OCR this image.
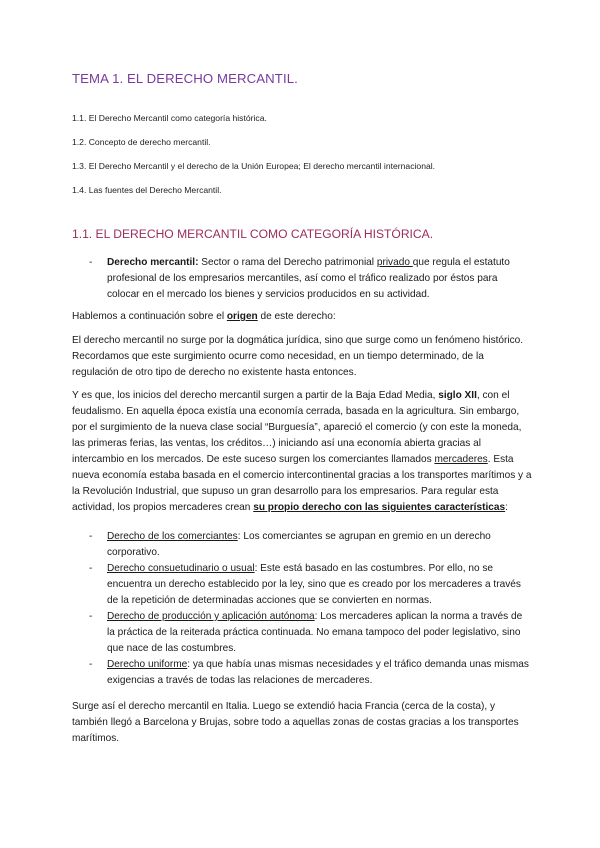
TEMA 1. EL DERECHO MERCANTIL.

1.1. El Derecho Mercantil como categoría histórica.

1.2. Concepto de derecho mercantil.

1.3. El Derecho Mercantil y el derecho de la Unión Europea; El derecho mercantil internacional.

1.4. Las fuentes del Derecho Mercantil.

1.1. EL DERECHO MERCANTIL COMO CATEGORÍA HISTÓRICA.
- Derecho mercantil: Sector o rama del Derecho patrimonial privado que regula el estatuto profesional de los empresarios mercantiles, así como el tráfico realizado por éstos para colocar en el mercado los bienes y servicios producidos en su actividad.

Hablemos a continuación sobre el origen de este derecho:

El derecho mercantil no surge por la dogmática jurídica, sino que surge como un fenómeno histórico. Recordamos que este surgimiento ocurre como necesidad, en un tiempo determinado, de la regulación de otro tipo de derecho no existente hasta entonces.

Y es que, los inicios del derecho mercantil surgen a partir de la Baja Edad Media, siglo XII, con el feudalismo. En aquella época existía una economía cerrada, basada en la agricultura. Sin embargo, por el surgimiento de la nueva clase social “Burguesía”, apareció el comercio (y con este la moneda, las primeras ferias, las ventas, los créditos…) iniciando así una economía abierta gracias al intercambio en los mercados. De este suceso surgen los comerciantes llamados mercaderes. Esta nueva economía estaba basada en el comercio intercontinental gracias a los transportes marítimos y a la Revolución Industrial, que supuso un gran desarrollo para los empresarios. Para regular esta actividad, los propios mercaderes crean su propio derecho con las siguientes características:

- Derecho de los comerciantes: Los comerciantes se agrupan en gremio en un derecho corporativo.
- Derecho consuetudinario o usual: Este está basado en las costumbres. Por ello, no se encuentra un derecho establecido por la ley, sino que es creado por los mercaderes a través de la repetición de determinadas acciones que se convierten en normas.
- Derecho de producción y aplicación autónoma: Los mercaderes aplican la norma a través de la práctica de la reiterada práctica continuada. No emana tampoco del poder legislativo, sino que nace de las costumbres.
- Derecho uniforme: ya que había unas mismas necesidades y el tráfico demanda unas mismas exigencias a través de todas las relaciones de mercaderes.

Surge así el derecho mercantil en Italia. Luego se extendió hacia Francia (cerca de la costa), y también llegó a Barcelona y Brujas, sobre todo a aquellas zonas de costas gracias a los transportes marítimos.
